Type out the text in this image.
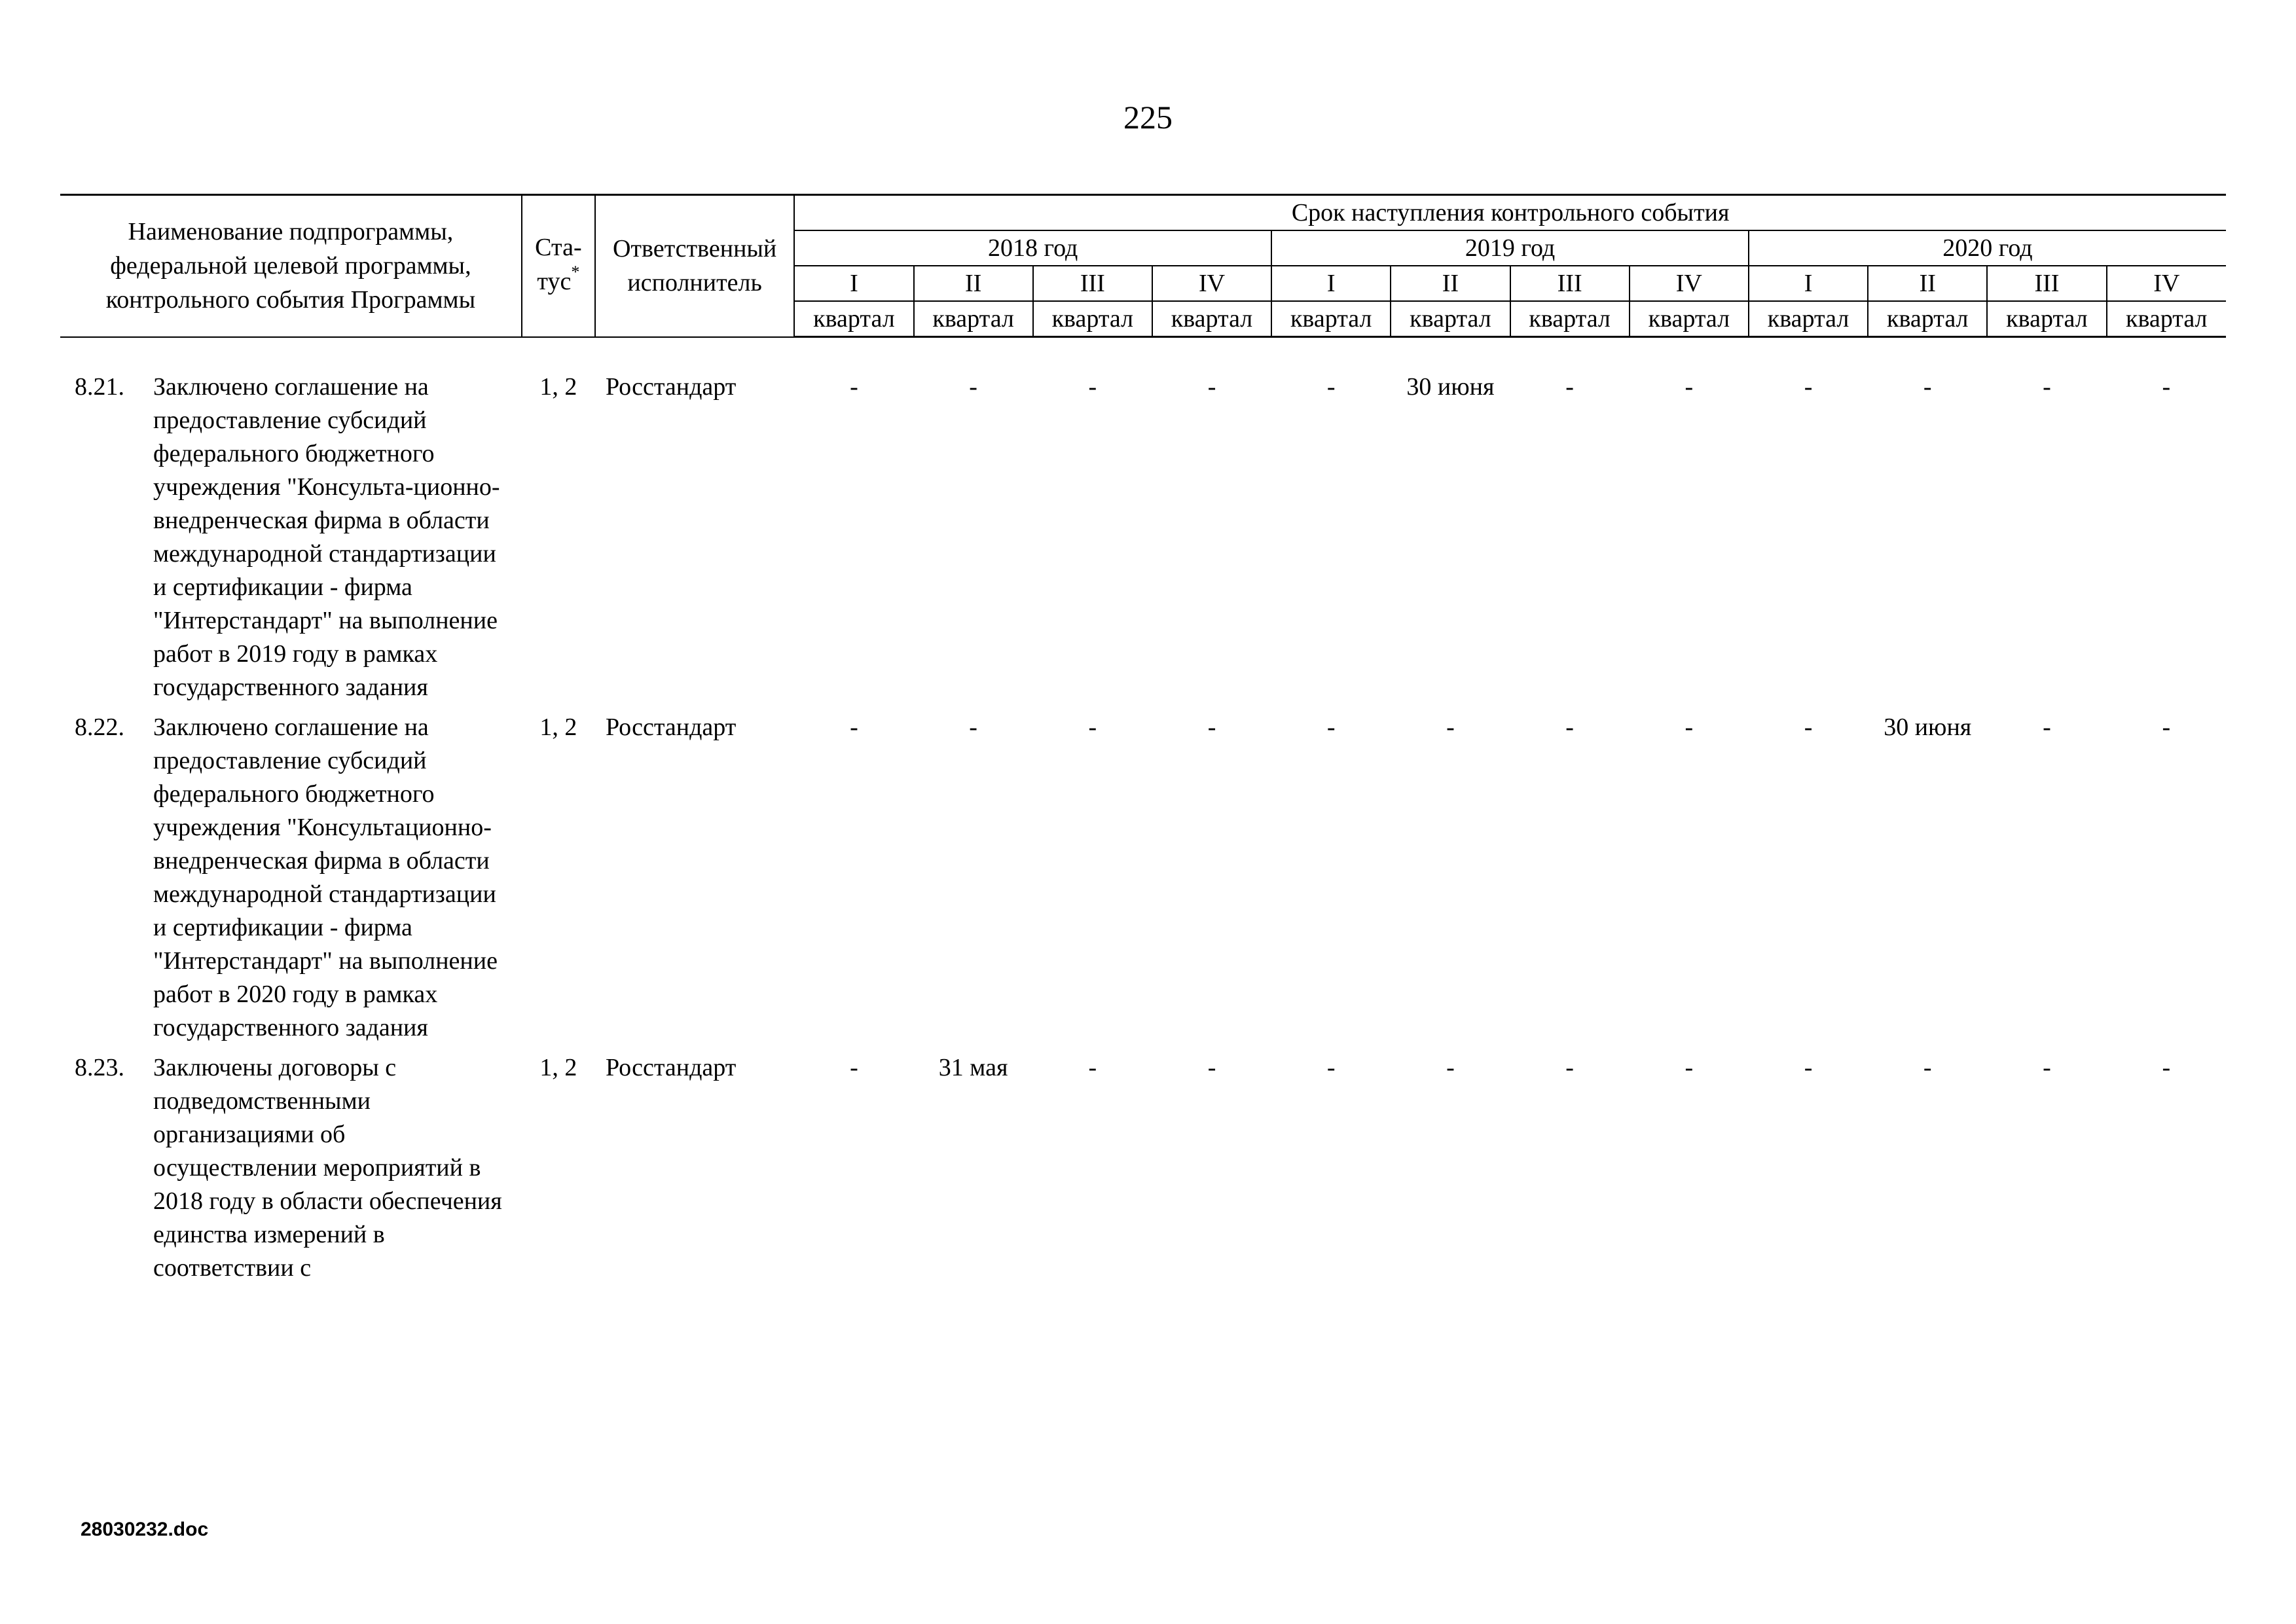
225
Наименование подпрограммы, федеральной целевой программы, контрольного события Программы	Ста-тус*	Ответственный исполнитель	Срок наступления контрольного события											
			2018 год				2019 год				2020 год			
			I	II	III	IV	I	II	III	IV	I	II	III	IV
			квартал	квартал	квартал	квартал	квартал	квартал	квартал	квартал	квартал	квартал	квартал	квартал

8.21. Заключено соглашение на предоставление субсидий федерального бюджетного учреждения "Консульта-ционно-внедренческая фирма в области международной стандартизации и сертификации - фирма "Интерстандарт" на выполнение работ в 2019 году в рамках государственного задания	1, 2	Росстандарт	-	-	-	-	-	30 июня	-	-	-	-	-	-

8.22. Заключено соглашение на предоставление субсидий федерального бюджетного учреждения "Консультационно-внедренческая фирма в области международной стандартизации и сертификации - фирма "Интерстандарт" на выполнение работ в 2020 году в рамках государственного задания	1, 2	Росстандарт	-	-	-	-	-	-	-	-	-	30 июня	-	-

8.23. Заключены договоры с подведомственными организациями об осуществлении мероприятий в 2018 году в области обеспечения единства измерений в соответствии с	1, 2	Росстандарт	-	31 мая	-	-	-	-	-	-	-	-	-	-
28030232.doc
